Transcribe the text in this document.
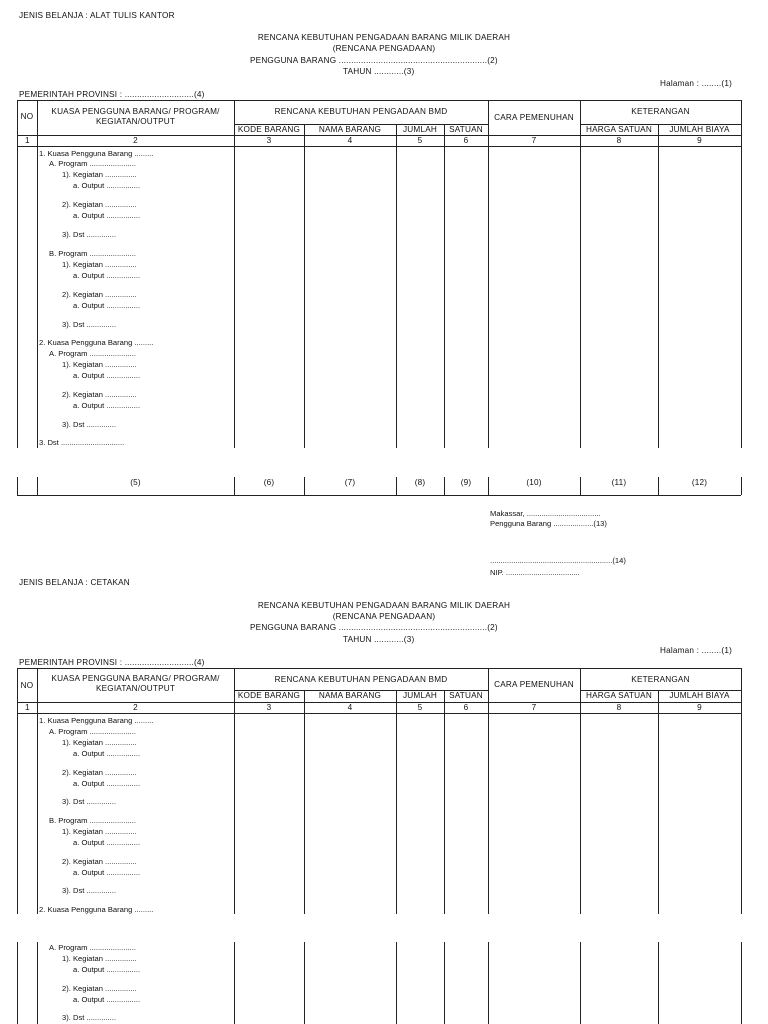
JENIS BELANJA : ALAT TULIS KANTOR
RENCANA KEBUTUHAN PENGADAAN BARANG MILIK DAERAH
(RENCANA PENGADAAN)
PENGGUNA BARANG ............................................................(2)
TAHUN ............(3)
Halaman : ........(1)
PEMERINTAH PROVINSI : ............................(4)
NO
KUASA PENGGUNA BARANG/ PROGRAM/
KEGIATAN/OUTPUT
RENCANA KEBUTUHAN PENGADAAN BMD
CARA PEMENUHAN
KETERANGAN
KODE BARANG	NAMA BARANG	JUMLAH	SATUAN	HARGA SATUAN	JUMLAH BIAYA
1	2	3	4	5	6	7	8	9
1. Kuasa Pengguna Barang .........
A. Program ......................
1). Kegiatan ...............
a. Output ................
2). Kegiatan ...............
a. Output ................
3). Dst ..............
B. Program ......................
1). Kegiatan ...............
a. Output ................
2). Kegiatan ...............
a. Output ................
3). Dst ..............
2. Kuasa Pengguna Barang .........
A. Program ......................
1). Kegiatan ...............
a. Output ................
2). Kegiatan ...............
a. Output ................
3). Dst ..............
3. Dst ..............................
(5)	(6)	(7)	(8)	(9)	(10)	(11)	(12)
Makassar, ...................................
Pengguna Barang ...................(13)
..........................................................(14)
NIP. ...................................
JENIS BELANJA : CETAKAN
RENCANA KEBUTUHAN PENGADAAN BARANG MILIK DAERAH
(RENCANA PENGADAAN)
PENGGUNA BARANG ............................................................(2)
TAHUN ............(3)
Halaman : ........(1)
PEMERINTAH PROVINSI : ............................(4)
NO
KUASA PENGGUNA BARANG/ PROGRAM/
KEGIATAN/OUTPUT
RENCANA KEBUTUHAN PENGADAAN BMD
CARA PEMENUHAN
KETERANGAN
KODE BARANG	NAMA BARANG	JUMLAH	SATUAN	HARGA SATUAN	JUMLAH BIAYA
1	2	3	4	5	6	7	8	9
1. Kuasa Pengguna Barang .........
A. Program ......................
1). Kegiatan ...............
a. Output ................
2). Kegiatan ...............
a. Output ................
3). Dst ..............
B. Program ......................
1). Kegiatan ...............
a. Output ................
2). Kegiatan ...............
a. Output ................
3). Dst ..............
2. Kuasa Pengguna Barang .........
A. Program ......................
1). Kegiatan ...............
a. Output ................
2). Kegiatan ...............
a. Output ................
3). Dst ..............
